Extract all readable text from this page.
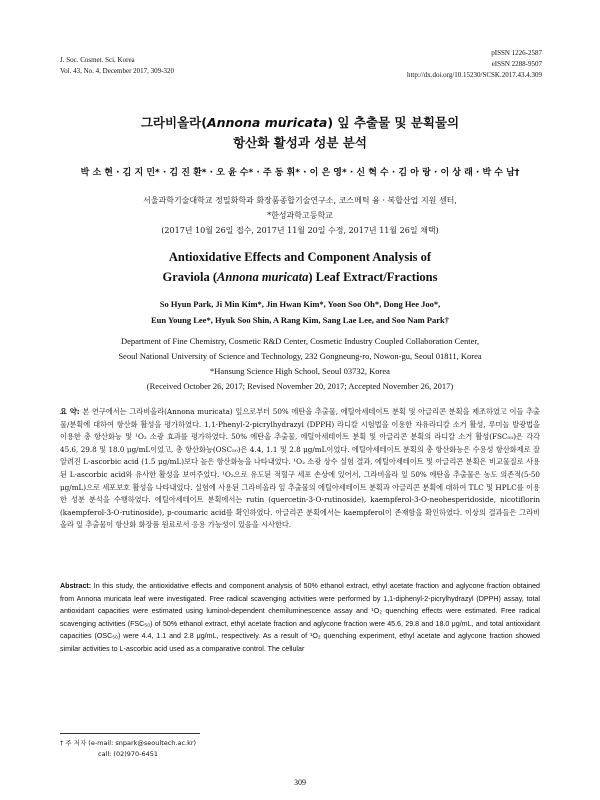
J. Soc. Cosmet. Sci. Korea
Vol. 43, No. 4, December 2017, 309-320
pISSN 1226-2587
eISSN 2288-9507
http://dx.doi.org/10.15230/SCSK.2017.43.4.309
그라비올라(Annona muricata) 잎 추출물 및 분획물의
항산화 활성과 성분 분석
박 소 현 · 김 지 민* · 김 진 환* · 오 윤 수* · 주 동 휘* · 이 은 영* · 신 혁 수 · 김 아 랑 · 이 상 래 · 박 수 남†
서울과학기술대학교 정밀화학과 화장품종합기술연구소, 코스메틱 융 · 복합산업 지원 센터,
*한성과학고등학교
(2017년 10월 26일 접수, 2017년 11월 20일 수정, 2017년 11월 26일 채택)
Antioxidative Effects and Component Analysis of
Graviola (Annona muricata) Leaf Extract/Fractions
So Hyun Park, Ji Min Kim*, Jin Hwan Kim*, Yoon Soo Oh*, Dong Hee Joo*,
Eun Young Lee*, Hyuk Soo Shin, A Rang Kim, Sang Lae Lee, and Soo Nam Park†
Department of Fine Chemistry, Cosmetic R&D Center, Cosmetic Industry Coupled Collaboration Center,
Seoul National University of Science and Technology, 232 Gongneung-ro, Nowon-gu, Seoul 01811, Korea
*Hansung Science High School, Seoul 03732, Korea
(Received October 26, 2017; Revised November 20, 2017; Accepted November 26, 2017)
요 약: 본 연구에서는 그라비올라(Annona muricata) 잎으로부터 50% 에탄올 추출물, 에틸아세테이트 분획 및 아글리콘 분획을 제조하였고 이들 추출물/분획에 대하여 항산화 활성을 평가하였다. 1,1-Phenyl-2-picrylhydrazyl (DPPH) 라디칼 시험법을 이용한 자유라디칼 소거 활성, 루미놀 발광법을 이용한 총 항산화능 및 ¹O₂ 소광 효과를 평가하였다. 50% 에탄올 추출물, 에틸아세테이트 분획 및 아글리콘 분획의 라디칼 소거 활성(FSC₅₀)은 각각 45.6, 29.8 및 18.0 μg/mL이었고, 총 항산화능(OSC₅₀)은 4.4, 1.1 및 2.8 μg/mL이었다. 에틸아세테이트 분획의 총 항산화능은 수용성 항산화제로 잘 알려진 L-ascorbic acid (1.5 μg/mL)보다 높은 항산화능을 나타내었다. ¹O₂ 소광 상수 실험 결과, 에틸아세테이트 및 아글리콘 분획은 비교물질로 사용된 L-ascorbic acid와 유사한 활성을 보여주었다. ¹O₂으로 유도된 적혈구 세포 손상에 있어서, 그라비올라 잎 50% 에탄올 추출물은 농도 의존적(5-50 μg/mL)으로 세포보호 활성을 나타내었다. 실험에 사용된 그라비올라 잎 추출물의 에틸아세테이트 분획과 아글리콘 분획에 대하여 TLC 및 HPLC를 이용한 성분 분석을 수행하였다. 에틸아세테이트 분획에서는 rutin (quercetin-3-O-rutinoside), kaempferol-3-O-neohesperidoside, nicotiflorin (kaempferol-3-O-rutinoside), p-coumaric acid를 확인하였다. 아글리콘 분획에서는 kaempferol이 존재함을 확인하였다. 이상의 결과들은 그라비올라 잎 추출물이 항산화 화장품 원료로서 응용 가능성이 있음을 시사한다.
Abstract: In this study, the antioxidative effects and component analysis of 50% ethanol extract, ethyl acetate fraction and aglycone fraction obtained from Annona muricata leaf were investigated. Free radical scavenging activities were performed by 1,1-diphenyl-2-picrylhydrazyl (DPPH) assay, total antioxidant capacities were estimated using luminol-dependent chemiluminescence assay and ¹O₂ quenching effects were estimated. Free radical scavenging activities (FSC₅₀) of 50% ethanol extract, ethyl acetate fraction and aglycone fraction were 45.6, 29.8 and 18.0 μg/mL, and total antioxidant capacities (OSC₅₀) were 4.4, 1.1 and 2.8 μg/mL, respectively. As a result of ¹O₂ quenching experiment, ethyl acetate and aglycone fraction showed similar activities to L-ascorbic acid used as a comparative control. The cellular
† 주 저자 (e-mail: snpark@seoultech.ac.kr)
call: (02)970-6451
309
